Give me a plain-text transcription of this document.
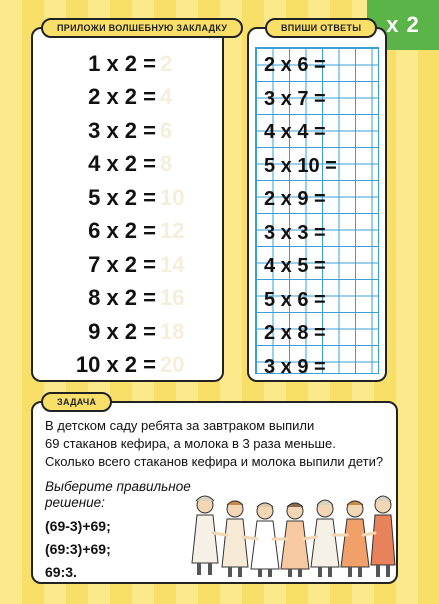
x 2
ПРИЛОЖИ ВОЛШЕБНУЮ ЗАКЛАДКУ
1 x 2 = 2
2 x 2 = 4
3 x 2 = 6
4 x 2 = 8
5 x 2 = 10
6 x 2 = 12
7 x 2 = 14
8 x 2 = 16
9 x 2 = 18
10 x 2 = 20
ВПИШИ ОТВЕТЫ
2 x 6 =
3 x 7 =
4 x 4 =
5 x 10 =
2 x 9 =
3 x 3 =
4 x 5 =
5 x 6 =
2 x 8 =
3 x 9 =
ЗАДАЧА
В детском саду ребята за завтраком выпили
69 стаканов кефира, а молока в 3 раза меньше.
Сколько всего стаканов кефира и молока выпили дети?
Выберите правильное
решение:
(69-3)+69;
(69:3)+69;
69:3.
